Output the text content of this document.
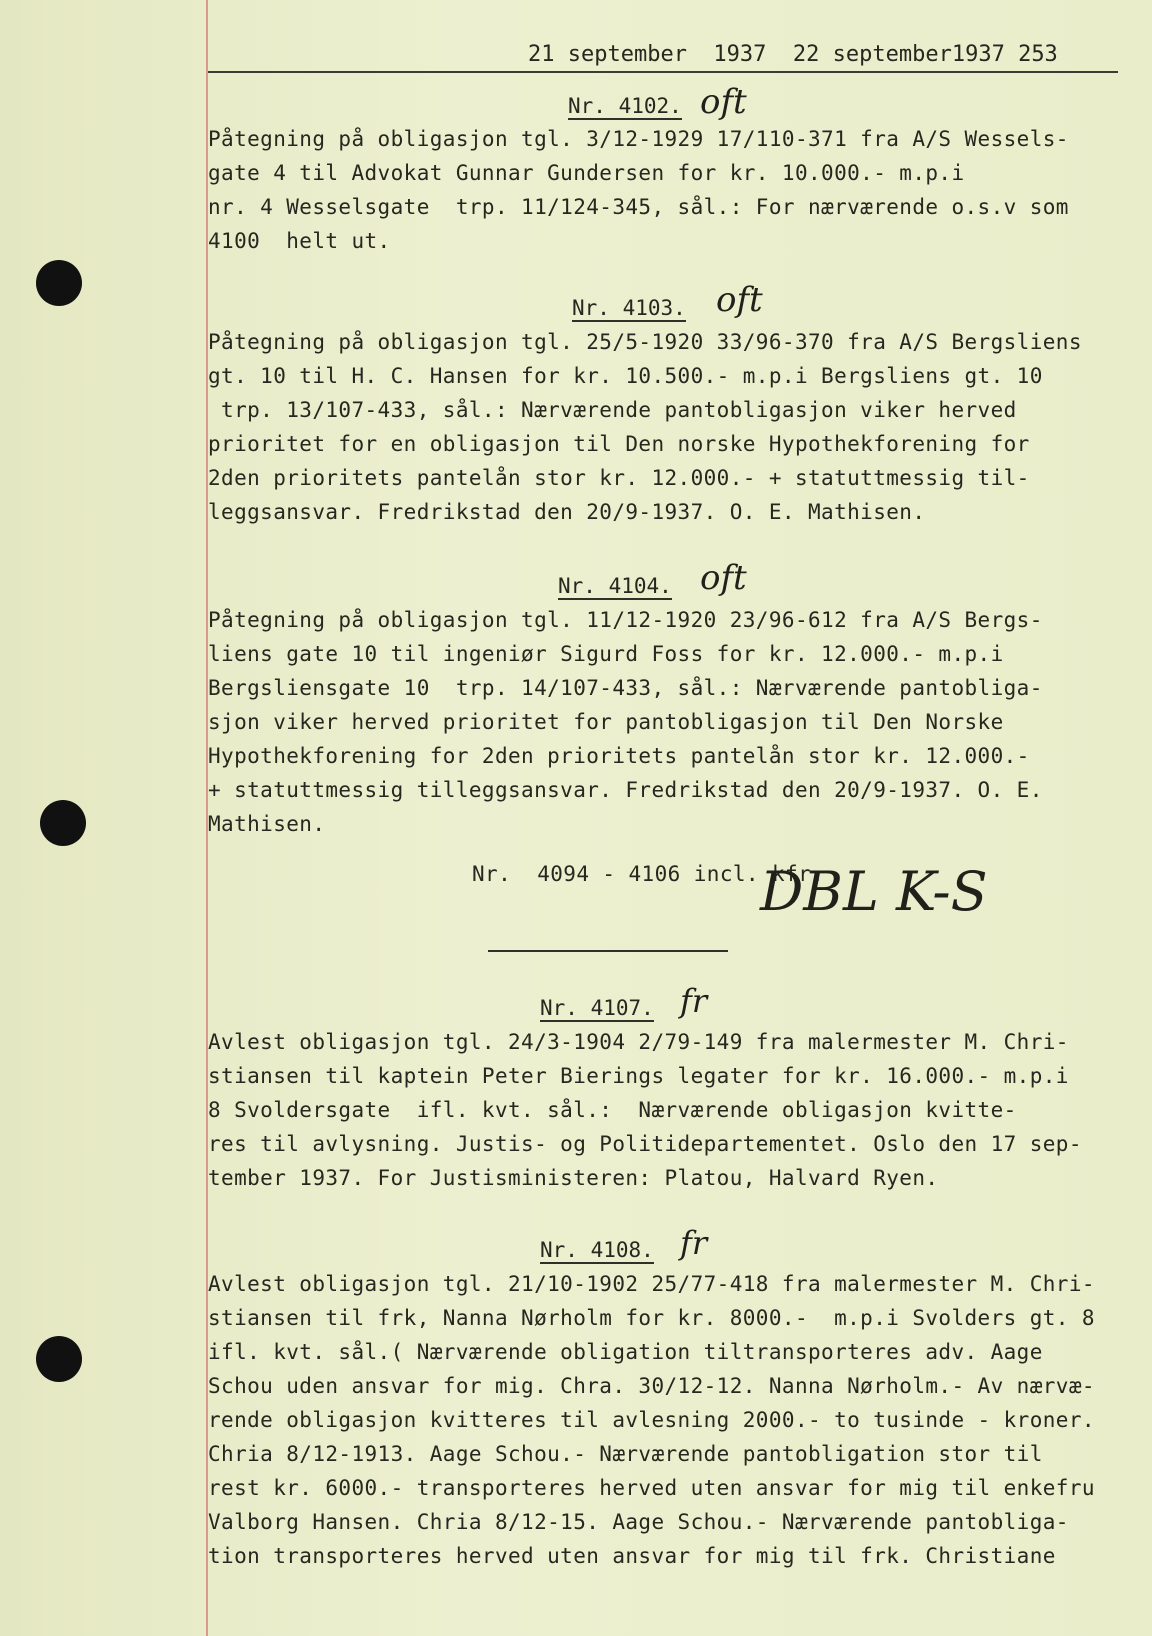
21 september  1937  22 september1937 253
Nr. 4102. oft
Påtegning på obligasjon tgl. 3/12-1929 17/110-371 fra A/S Wessels-
gate 4 til Advokat Gunnar Gundersen for kr. 10.000.- m.p.i
nr. 4 Wesselsgate  trp. 11/124-345, sål.: For nærværende o.s.v som
4100  helt ut.
Nr. 4103. oft
Påtegning på obligasjon tgl. 25/5-1920 33/96-370 fra A/S Bergsliens
gt. 10 til H. C. Hansen for kr. 10.500.- m.p.i Bergsliens gt. 10
trp. 13/107-433, sål.: Nærværende pantobligasjon viker herved
prioritet for en obligasjon til Den norske Hypothekforening for
2den prioritets pantelån stor kr. 12.000.- + statuttmessig til-
leggsansvar. Fredrikstad den 20/9-1937. O. E. Mathisen.
Nr. 4104. oft
Påtegning på obligasjon tgl. 11/12-1920 23/96-612 fra A/S Bergs-
liens gate 10 til ingeniør Sigurd Foss for kr. 12.000.- m.p.i
Bergsliensgate 10  trp. 14/107-433, sål.: Nærværende pantobliga-
sjon viker herved prioritet for pantobligasjon til Den Norske
Hypothekforening for 2den prioritets pantelån stor kr. 12.000.-
+ statuttmessig tilleggsansvar. Fredrikstad den 20/9-1937. O. E.
Mathisen.
Nr.  4094 - 4106 incl. kfr.
DBL K-S
Nr. 4107. fr
Avlest obligasjon tgl. 24/3-1904 2/79-149 fra malermester M. Chri-
stiansen til kaptein Peter Bierings legater for kr. 16.000.- m.p.i
8 Svoldersgate  ifl. kvt. sål.:  Nærværende obligasjon kvitte-
res til avlysning. Justis- og Politidepartementet. Oslo den 17 sep-
tember 1937. For Justisministeren: Platou, Halvard Ryen.
Nr. 4108. fr
Avlest obligasjon tgl. 21/10-1902 25/77-418 fra malermester M. Chri-
stiansen til frk, Nanna Nørholm for kr. 8000.-  m.p.i Svolders gt. 8
ifl. kvt. sål.( Nærværende obligation tiltransporteres adv. Aage
Schou uden ansvar for mig. Chra. 30/12-12. Nanna Nørholm.- Av nærvæ-
rende obligasjon kvitteres til avlesning 2000.- to tusinde - kroner.
Chria 8/12-1913. Aage Schou.- Nærværende pantobligation stor til
rest kr. 6000.- transporteres herved uten ansvar for mig til enkefru
Valborg Hansen. Chria 8/12-15. Aage Schou.- Nærværende pantobliga-
tion transporteres herved uten ansvar for mig til frk. Christiane
